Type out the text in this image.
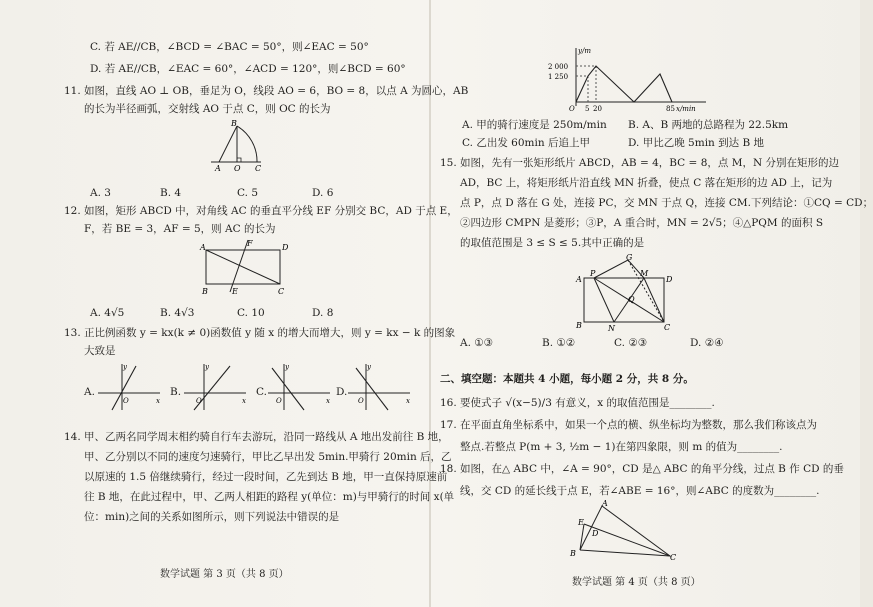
C. 若 AE//CB，∠BCD = ∠BAC = 50°，则∠EAC = 50°
D. 若 AE//CB，∠EAC = 60°，∠ACD = 120°，则∠BCD = 60°
11. 如图，直线 AO ⊥ OB，垂足为 O，线段 AO = 6，BO = 8，以点 A 为圆心，AB
的长为半径画弧，交射线 AO 于点 C，则 OC 的长为
B
A O C
A. 3	B. 4	C. 5	D. 6
12. 如图，矩形 ABCD 中，对角线 AC 的垂直平分线 EF 分别交 BC，AD 于点 E，
F，若 BE = 3，AF = 5，则 AC 的长为
A	F	D
B	E	C
A. 4√5	B. 4√3	C. 10	D. 8
13. 正比例函数 y = kx(k ≠ 0)函数值 y 随 x 的增大而增大，则 y = kx − k 的图象
大致是
A.
y
x
O
B.
y
x
O
C.
y
x
O
D.
y
x
O
14. 甲、乙两名同学周末相约骑自行车去游玩，沿同一路线从 A 地出发前往 B 地，
甲、乙分别以不同的速度匀速骑行，甲比乙早出发 5min.甲骑行 20min 后，乙
以原速的 1.5 倍继续骑行，经过一段时间，乙先到达 B 地，甲一直保持原速前
往 B 地，在此过程中，甲、乙两人相距的路程 y(单位：m)与甲骑行的时间 x(单
位：min)之间的关系如图所示，则下列说法中错误的是
数学试题 第 3 页（共 8 页）
y/m
x/min
2 000
1 250
O 5 20	85
A. 甲的骑行速度是 250m/min B. A、B 两地的总路程为 22.5km
C. 乙出发 60min 后追上甲	D. 甲比乙晚 5min 到达 B 地
15. 如图，先有一张矩形纸片 ABCD，AB = 4，BC = 8，点 M，N 分别在矩形的边
AD，BC 上，将矩形纸片沿直线 MN 折叠，使点 C 落在矩形的边 AD 上，记为
点 P，点 D 落在 G 处，连接 PC，交 MN 于点 Q，连接 CM.下列结论：①CQ = CD；
②四边形 CMPN 是菱形；③P，A 重合时，MN = 2√5；④△PQM 的面积 S
的取值范围是 3 ≤ S ≤ 5.其中正确的是
G
A
P	M
D
Q
B	N	C
A. ①③	B. ①②	C. ②③	D. ②④
二、填空题：本题共 4 小题，每小题 2 分，共 8 分。
16. 要使式子 √(x−5)/3 有意义，x 的取值范围是________.
17. 在平面直角坐标系中，如果一个点的横、纵坐标均为整数，那么我们称该点为
整点.若整点 P(m + 3, ½m − 1)在第四象限，则 m 的值为________.
18. 如图，在△ ABC 中，∠A = 90°，CD 是△ ABC 的角平分线，过点 B 作 CD 的垂
线，交 CD 的延长线于点 E，若∠ABE = 16°，则∠ABC 的度数为________.
A
E
D
B	C
数学试题 第 4 页（共 8 页）
